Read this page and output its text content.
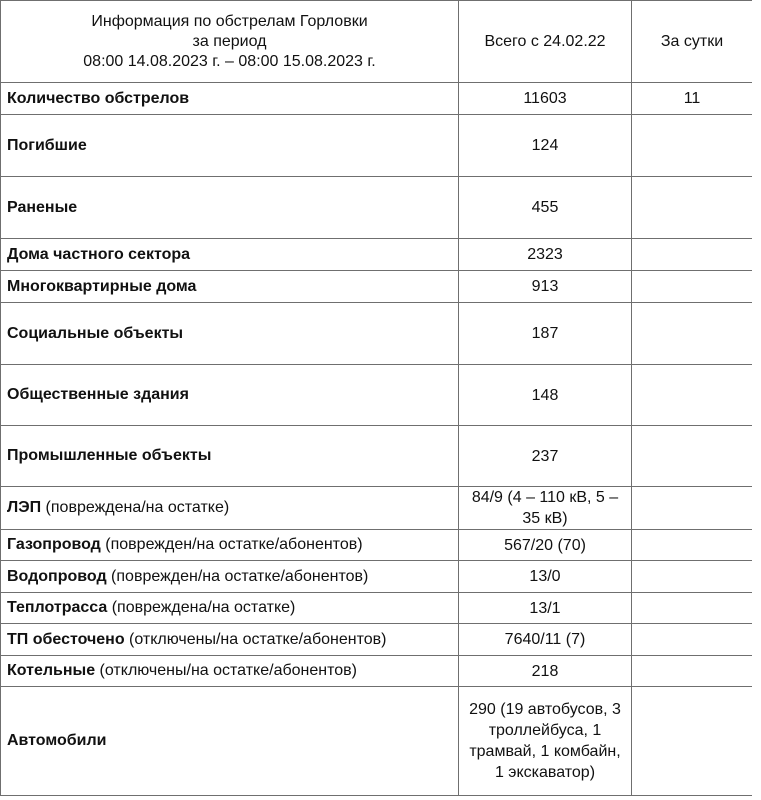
Информация по обстрелам Горловки
за период
08:00 14.08.2023 г. – 08:00 15.08.2023 г.	Всего с 24.02.22	За сутки
Количество обстрелов	11603	11
Погибшие	124	
Раненые	455	
Дома частного сектора	2323	
Многоквартирные дома	913	
Социальные объекты	187	
Общественные здания	148	
Промышленные объекты	237	
ЛЭП (повреждена/на остатке)	84/9 (4 – 110 кВ, 5 – 35 кВ)	
Газопровод (поврежден/на остатке/абонентов)	567/20 (70)	
Водопровод (поврежден/на остатке/абонентов)	13/0	
Теплотрасса (повреждена/на остатке)	13/1	
ТП обесточено (отключены/на остатке/абонентов)	7640/11 (7)	
Котельные (отключены/на остатке/абонентов)	218	
Автомобили	290 (19 автобусов, 3 троллейбуса, 1 трамвай, 1 комбайн, 1 экскаватор)	
